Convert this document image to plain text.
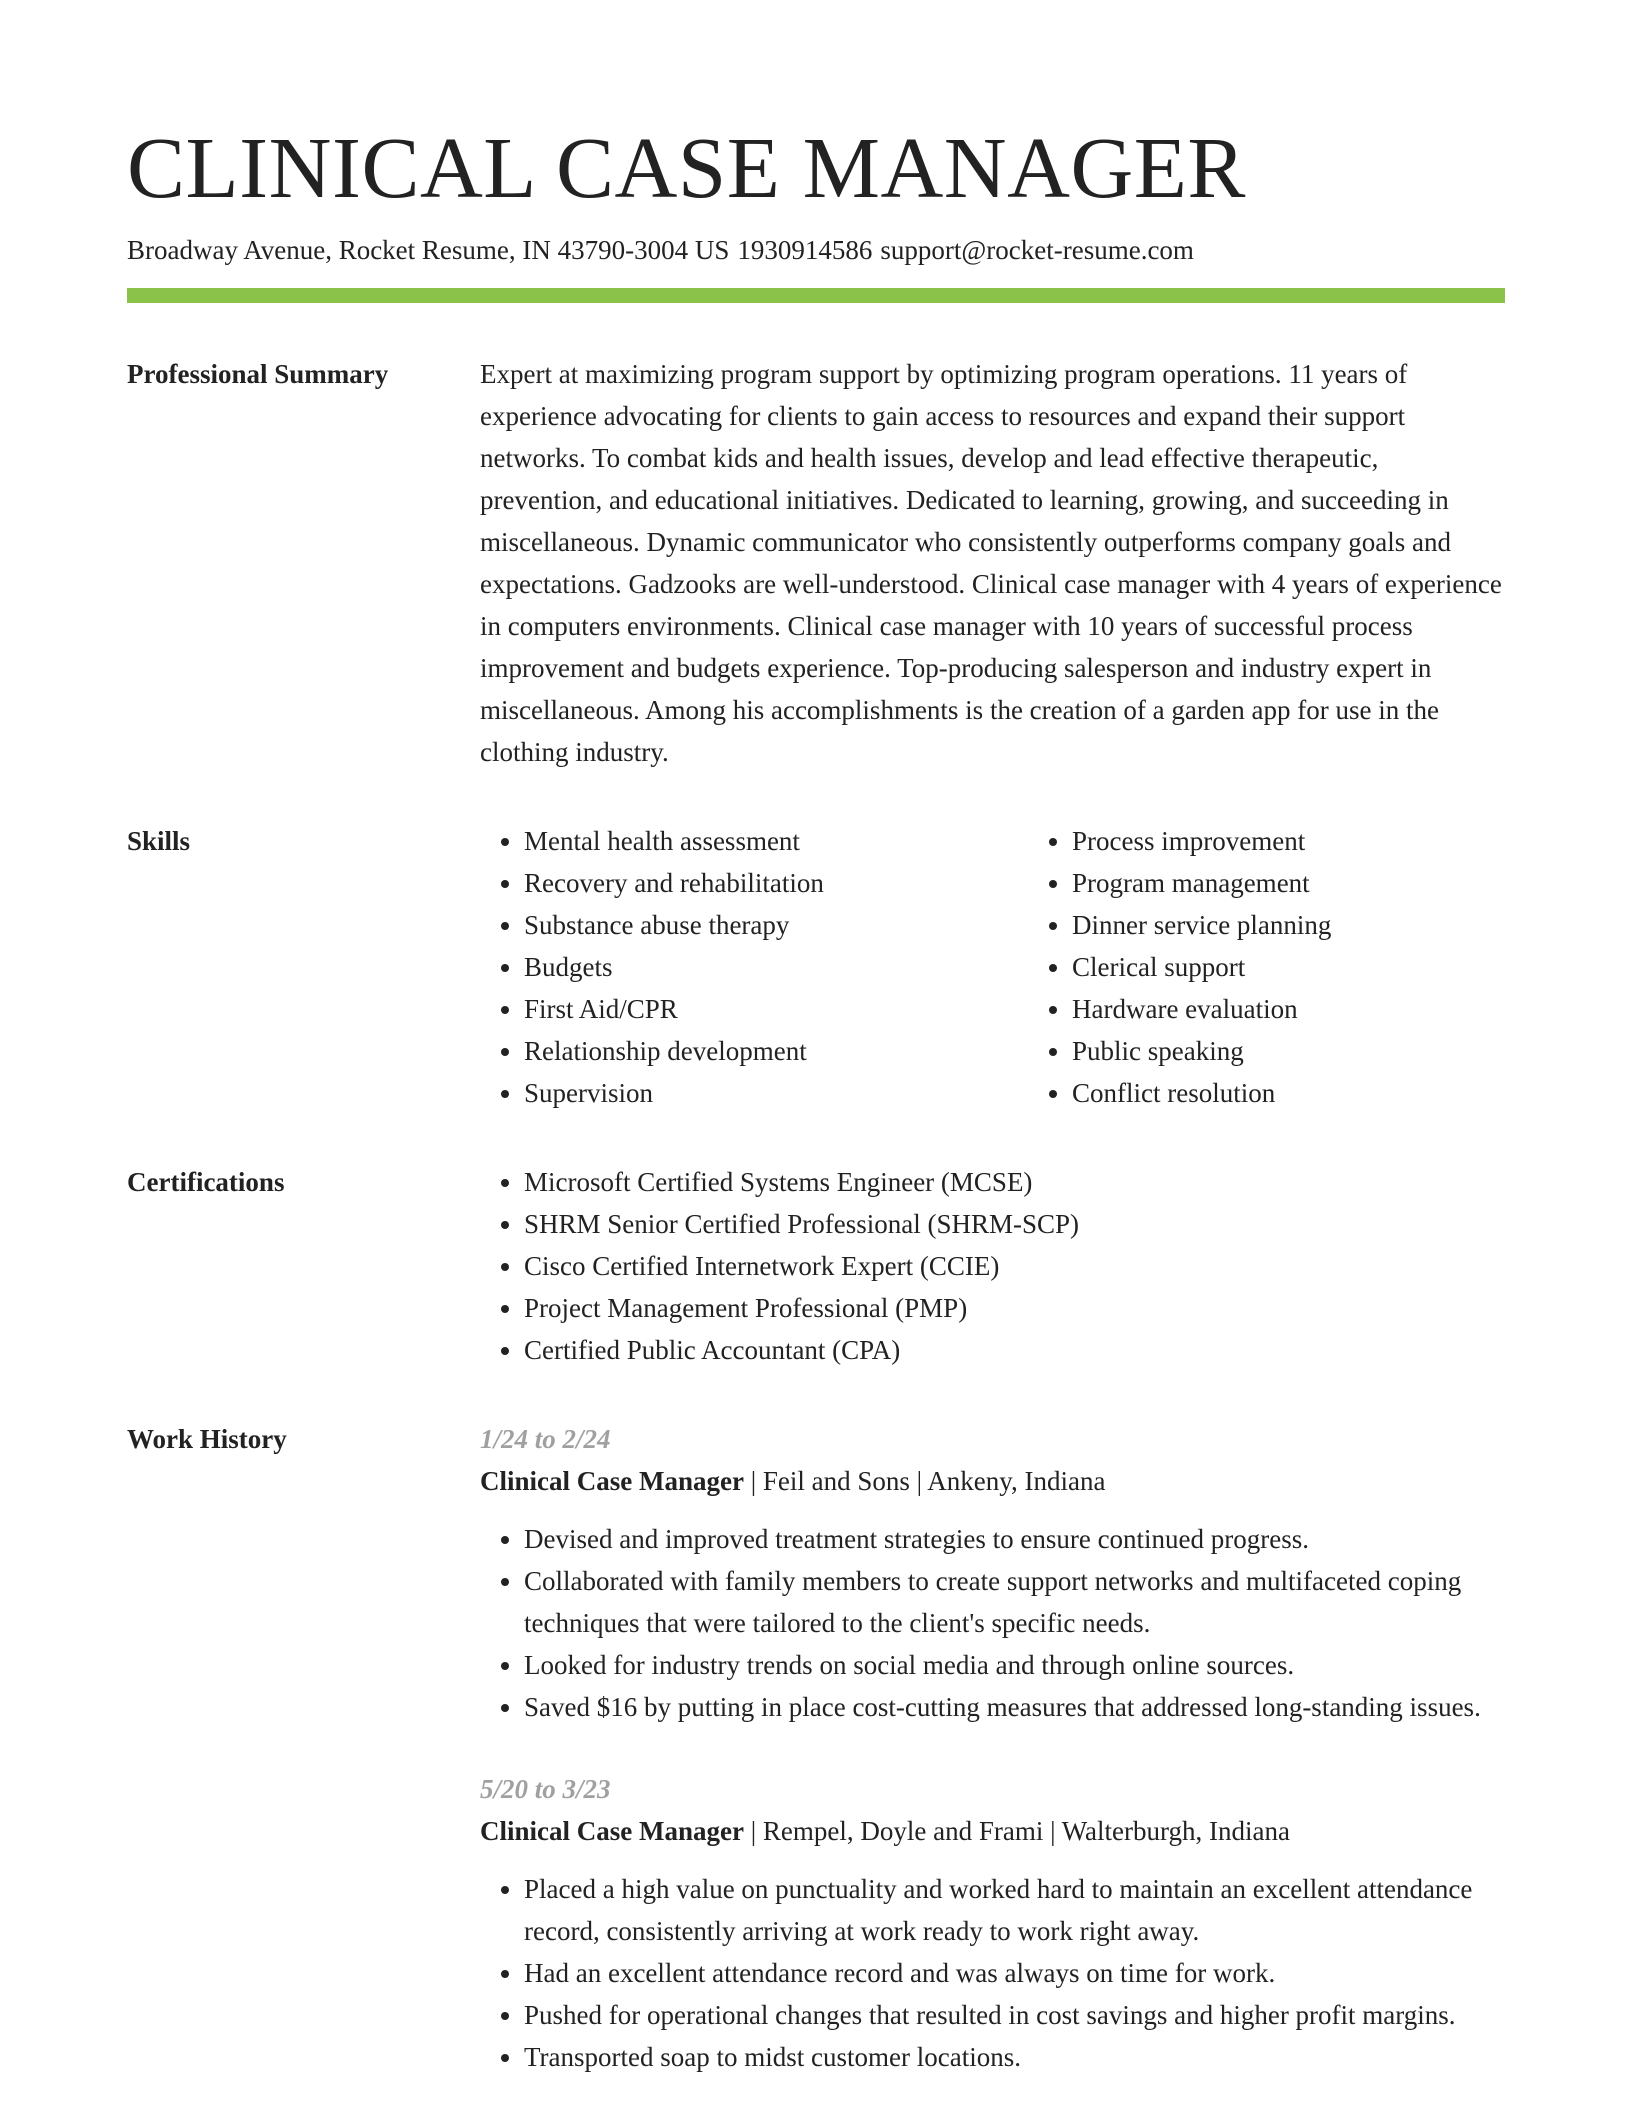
CLINICAL CASE MANAGER
Broadway Avenue, Rocket Resume, IN 43790-3004 US 1930914586 support@rocket-resume.com
Professional Summary	Expert at maximizing program support by optimizing program operations. 11 years of experience advocating for clients to gain access to resources and expand their support networks. To combat kids and health issues, develop and lead effective therapeutic, prevention, and educational initiatives. Dedicated to learning, growing, and succeeding in miscellaneous. Dynamic communicator who consistently outperforms company goals and expectations. Gadzooks are well-understood. Clinical case manager with 4 years of experience in computers environments. Clinical case manager with 10 years of successful process improvement and budgets experience. Top-producing salesperson and industry expert in miscellaneous. Among his accomplishments is the creation of a garden app for use in the clothing industry.

Skills	• Mental health assessment
• Recovery and rehabilitation
• Substance abuse therapy
• Budgets
• First Aid/CPR
• Relationship development
• Supervision
• Process improvement
• Program management
• Dinner service planning
• Clerical support
• Hardware evaluation
• Public speaking
• Conflict resolution
Certifications	• Microsoft Certified Systems Engineer (MCSE)
• SHRM Senior Certified Professional (SHRM-SCP)
• Cisco Certified Internetwork Expert (CCIE)
• Project Management Professional (PMP)
• Certified Public Accountant (CPA)
Work History	1/24 to 2/24
Clinical Case Manager | Feil and Sons | Ankeny, Indiana
• Devised and improved treatment strategies to ensure continued progress.
• Collaborated with family members to create support networks and multifaceted coping techniques that were tailored to the client's specific needs.
• Looked for industry trends on social media and through online sources.
• Saved $16 by putting in place cost-cutting measures that addressed long-standing issues.
5/20 to 3/23
Clinical Case Manager | Rempel, Doyle and Frami | Walterburgh, Indiana
• Placed a high value on punctuality and worked hard to maintain an excellent attendance record, consistently arriving at work ready to work right away.
• Had an excellent attendance record and was always on time for work.
• Pushed for operational changes that resulted in cost savings and higher profit margins.
• Transported soap to midst customer locations.
